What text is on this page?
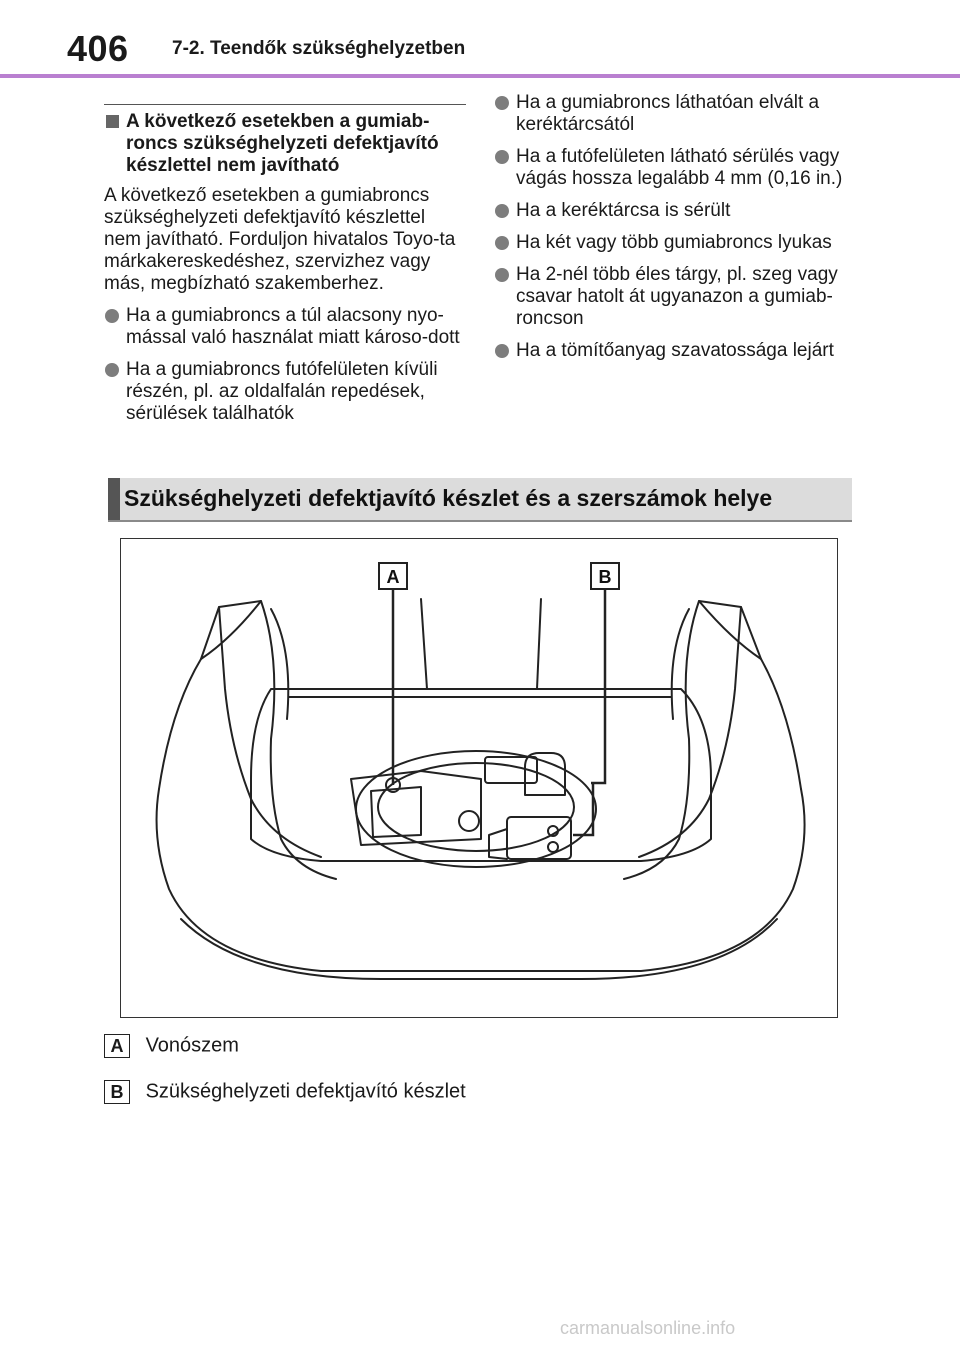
406 7-2. Teendők szükséghelyzetben
A következő esetekben a gumiab-roncs szükséghelyzeti defektjavító készlettel nem javítható
A következő esetekben a gumiabroncs szükséghelyzeti defektjavító készlettel nem javítható. Forduljon hivatalos Toyo-ta márkakereskedéshez, szervizhez vagy más, megbízható szakemberhez.
Ha a gumiabroncs a túl alacsony nyo-mással való használat miatt károso-dott
Ha a gumiabroncs futófelületen kívüli részén, pl. az oldalfalán repedések, sérülések találhatók
Ha a gumiabroncs láthatóan elvált a keréktárcsától
Ha a futófelületen látható sérülés vagy vágás hossza legalább 4 mm (0,16 in.)
Ha a keréktárcsa is sérült
Ha két vagy több gumiabroncs lyukas
Ha 2-nél több éles tárgy, pl. szeg vagy csavar hatolt át ugyanazon a gumiab-roncson
Ha a tömítőanyag szavatossága lejárt
Szükséghelyzeti defektjavító készlet és a szerszámok helye
A	B
A Vonószem
B Szükséghelyzeti defektjavító készlet
carmanualsonline.info
